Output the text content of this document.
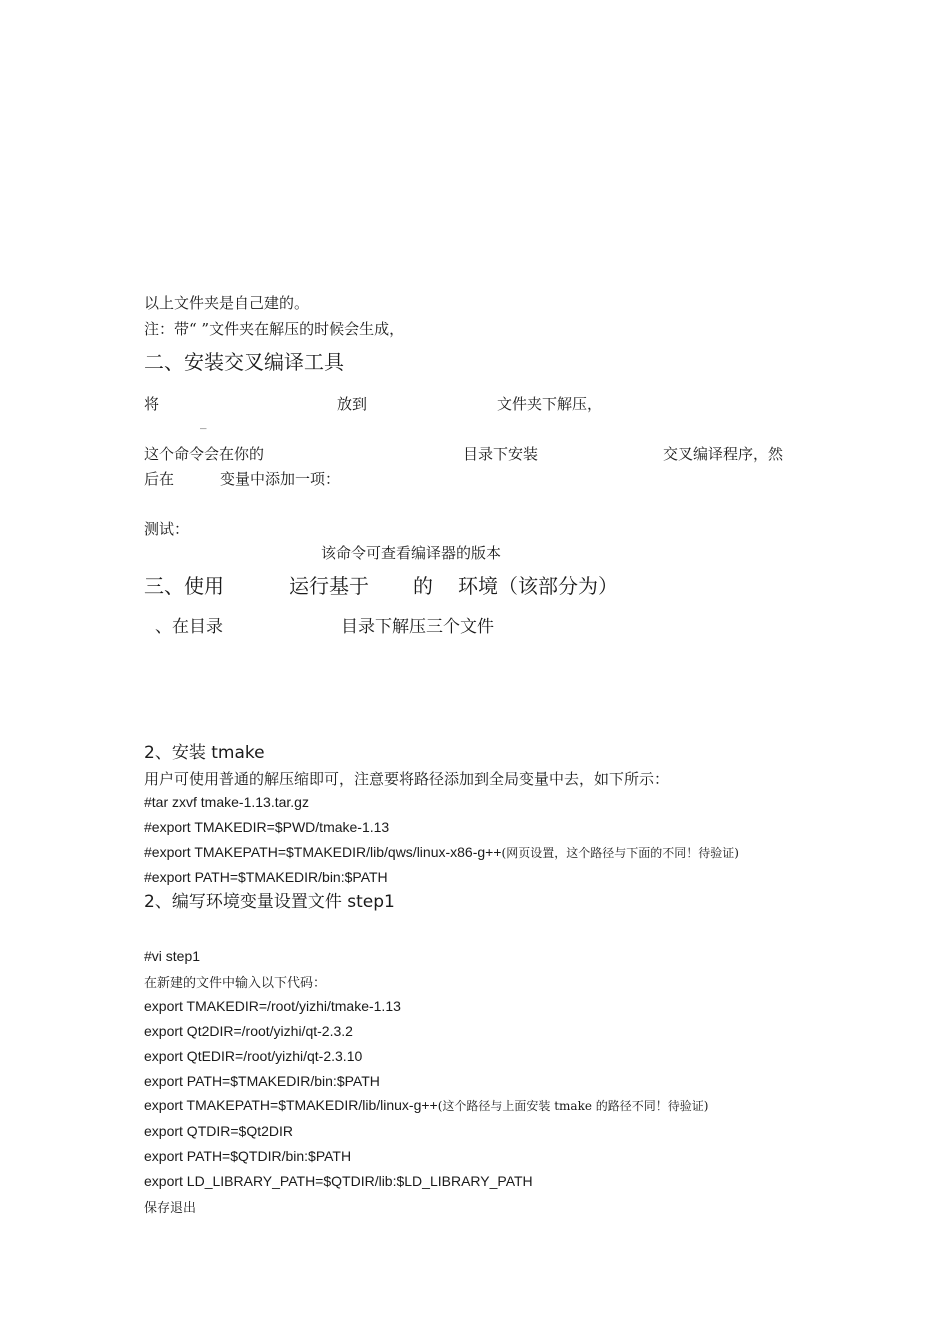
以上文件夹是自己建的。
注：带“ ”文件夹在解压的时候会生成，
二、安装交叉编译工具
将	放到	文件夹下解压，
_
这个命令会在你的	目录下安装	交叉编译程序，然
后在	变量中添加一项：
测试：
该命令可查看编译器的版本
三、使用	运行基于 的 环境（该部分为）
、在目录	目录下解压三个文件
2、安装 tmake
用户可使用普通的解压缩即可，注意要将路径添加到全局变量中去，如下所示：
#tar zxvf tmake-1.13.tar.gz
#export TMAKEDIR=$PWD/tmake-1.13
#export TMAKEPATH=$TMAKEDIR/lib/qws/linux-x86-g++(网页设置，这个路径与下面的不同！待验证)
#export PATH=$TMAKEDIR/bin:$PATH
2、编写环境变量设置文件 step1
#vi step1
在新建的文件中输入以下代码：
export TMAKEDIR=/root/yizhi/tmake-1.13
export Qt2DIR=/root/yizhi/qt-2.3.2
export QtEDIR=/root/yizhi/qt-2.3.10
export PATH=$TMAKEDIR/bin:$PATH
export TMAKEPATH=$TMAKEDIR/lib/linux-g++(这个路径与上面安装 tmake 的路径不同！待验证)
export QTDIR=$Qt2DIR
export PATH=$QTDIR/bin:$PATH
export LD_LIBRARY_PATH=$QTDIR/lib:$LD_LIBRARY_PATH
保存退出
